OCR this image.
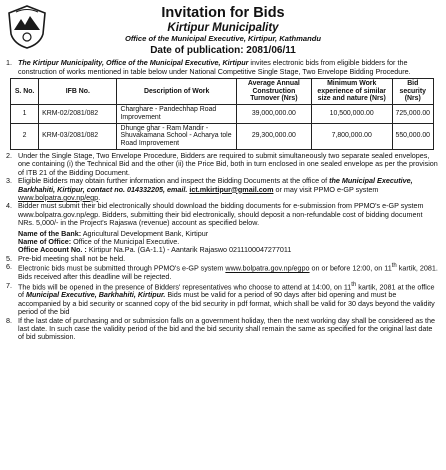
Invitation for Bids
Kirtipur Municipality
Office of the Municipal Executive, Kirtipur, Kathmandu
Date of publication: 2081/06/11
1. The Kirtipur Municipality, Office of the Municipal Executive, Kirtipur invites electronic bids from eligible bidders for the construction of works mentioned in table below under National Competitive Single Stage, Two Envelope Bidding Procedure.
S. No.	IFB No.	Description of Work	Average Annual Construction Turnover (Nrs)	Minimum Work experience of similar size and nature (Nrs)	Bid security (Nrs)
1	KRM-02/2081/082	Charghare - Pandechhap Road Improvement	39,000,000.00	10,500,000.00	725,000.00
2	KRM-03/2081/082	Dhunge ghar - Ram Mandir - Shuvakamana School - Acharya tole Road Improvement	29,300,000.00	7,800,000.00	550,000.00
2. Under the Single Stage, Two Envelope Procedure, Bidders are required to submit simultaneously two separate sealed envelopes, one containing (i) the Technical Bid and the other (ii) the Price Bid, both in turn enclosed in one sealed envelope as per the provision of ITB 21 of the Bidding Document.
3. Eligible Bidders may obtain further information and inspect the Bidding Documents at the office of the Municipal Executive, Barkhahiti, Kirtipur, contact no. 014332205, email. ict.mkirtipur@gmail.com or may visit PPMO e-GP system www.bolpatra.gov.np/egp.
4. Bidder must submit their bid electronically should download the bidding documents for e-submission from PPMO's e-GP system www.bolpatra.gov.np/egp. Bidders, submitting their bid electronically, should deposit a non-refundable cost of bidding document NRs. 5,000/- in the Project's Rajaswa (revenue) account as specified below.
Name of the Bank: Agricultural Development Bank, Kirtipur
Name of Office: Office of the Municipal Executive.
Office Account No. : Kirtipur Na.Pa. (GA-1.1) - Aantarik Rajaswo 0211100047277011
5. Pre-bid meeting shall not be held.
6. Electronic bids must be submitted through PPMO's e-GP system www.bolpatra.gov.np/egpo on or before 12:00, on 11th kartik, 2081. Bids received after this deadline will be rejected.
7. The bids will be opened in the presence of Bidders' representatives who choose to attend at 14:00, on 11th kartik, 2081 at the office of Municipal Executive, Barkhahiti, Kirtipur. Bids must be valid for a period of 90 days after bid opening and must be accompanied by a bid security or scanned copy of the bid security in pdf format, which shall be valid for 30 days beyond the validity period of the bid
8. If the last date of purchasing and or submission falls on a government holiday, then the next working day shall be considered as the last date. In such case the validity period of the bid and the bid security shall remain the same as specified for the original last date of bid submission.
